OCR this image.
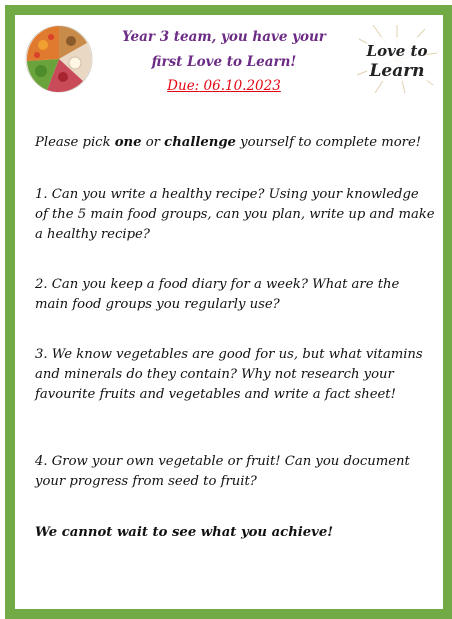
Year 3 team, you have your
first Love to Learn!
Due: 06.10.2023
Love to
Learn

Please pick one or challenge yourself to complete more!

1. Can you write a healthy recipe? Using your knowledge of the 5 main food groups, can you plan, write up and make a healthy recipe?

2. Can you keep a food diary for a week? What are the main food groups you regularly use?

3. We know vegetables are good for us, but what vitamins and minerals do they contain? Why not research your favourite fruits and vegetables and write a fact sheet!

4. Grow your own vegetable or fruit! Can you document your progress from seed to fruit?

We cannot wait to see what you achieve!
